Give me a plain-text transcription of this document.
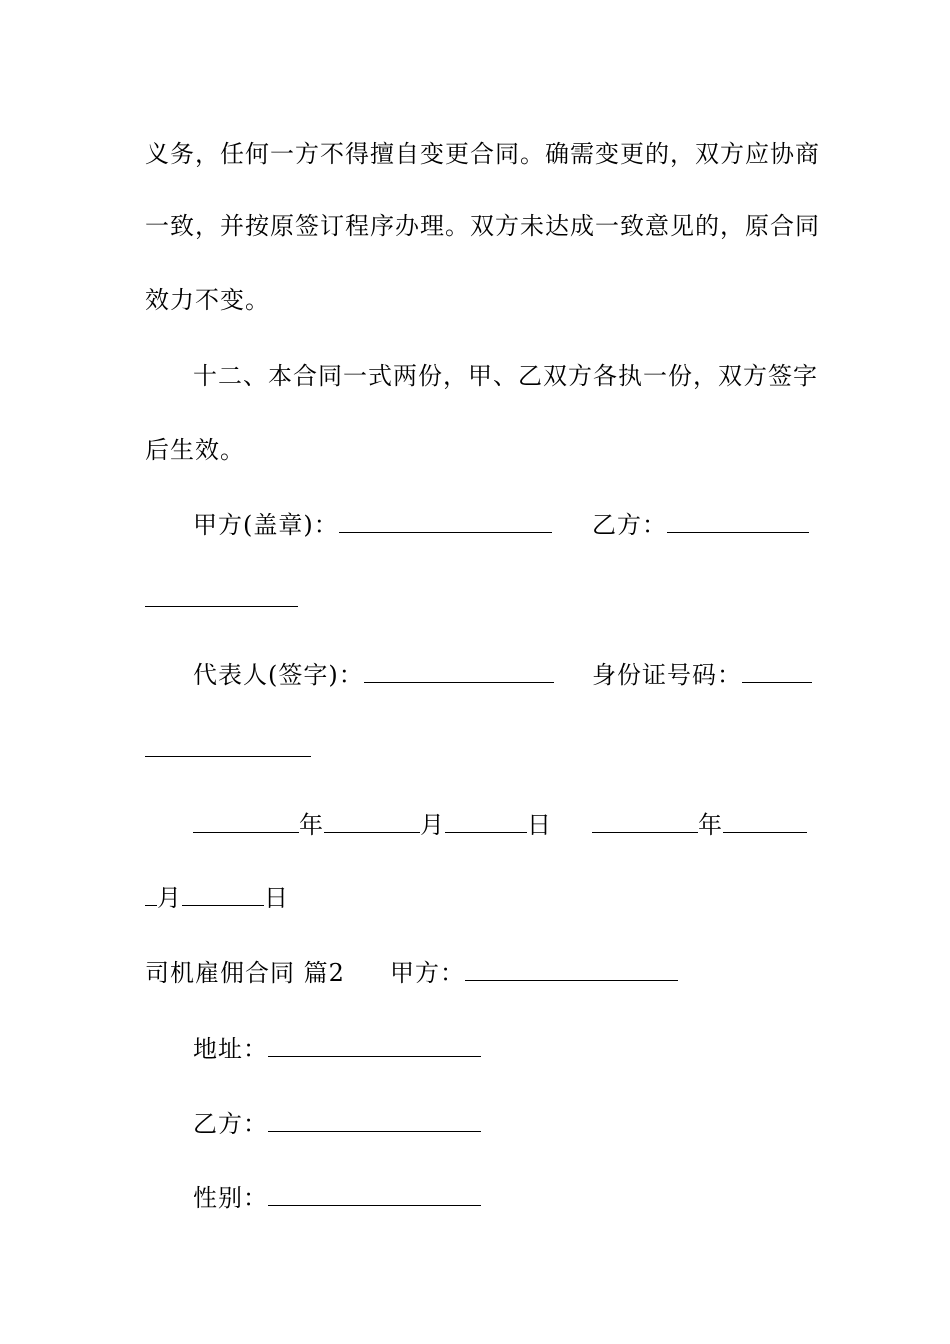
义务，任何一方不得擅自变更合同。确需变更的，双方应协商
一致，并按原签订程序办理。双方未达成一致意见的，原合同
效力不变。
十二、本合同一式两份，甲、乙双方各执一份，双方签字
后生效。
甲方(盖章)：	乙方：
代表人(签字)：	身份证号码：
年	月	日	年
月	日
司机雇佣合同 篇2 甲方：
地址：
乙方：
性别：
